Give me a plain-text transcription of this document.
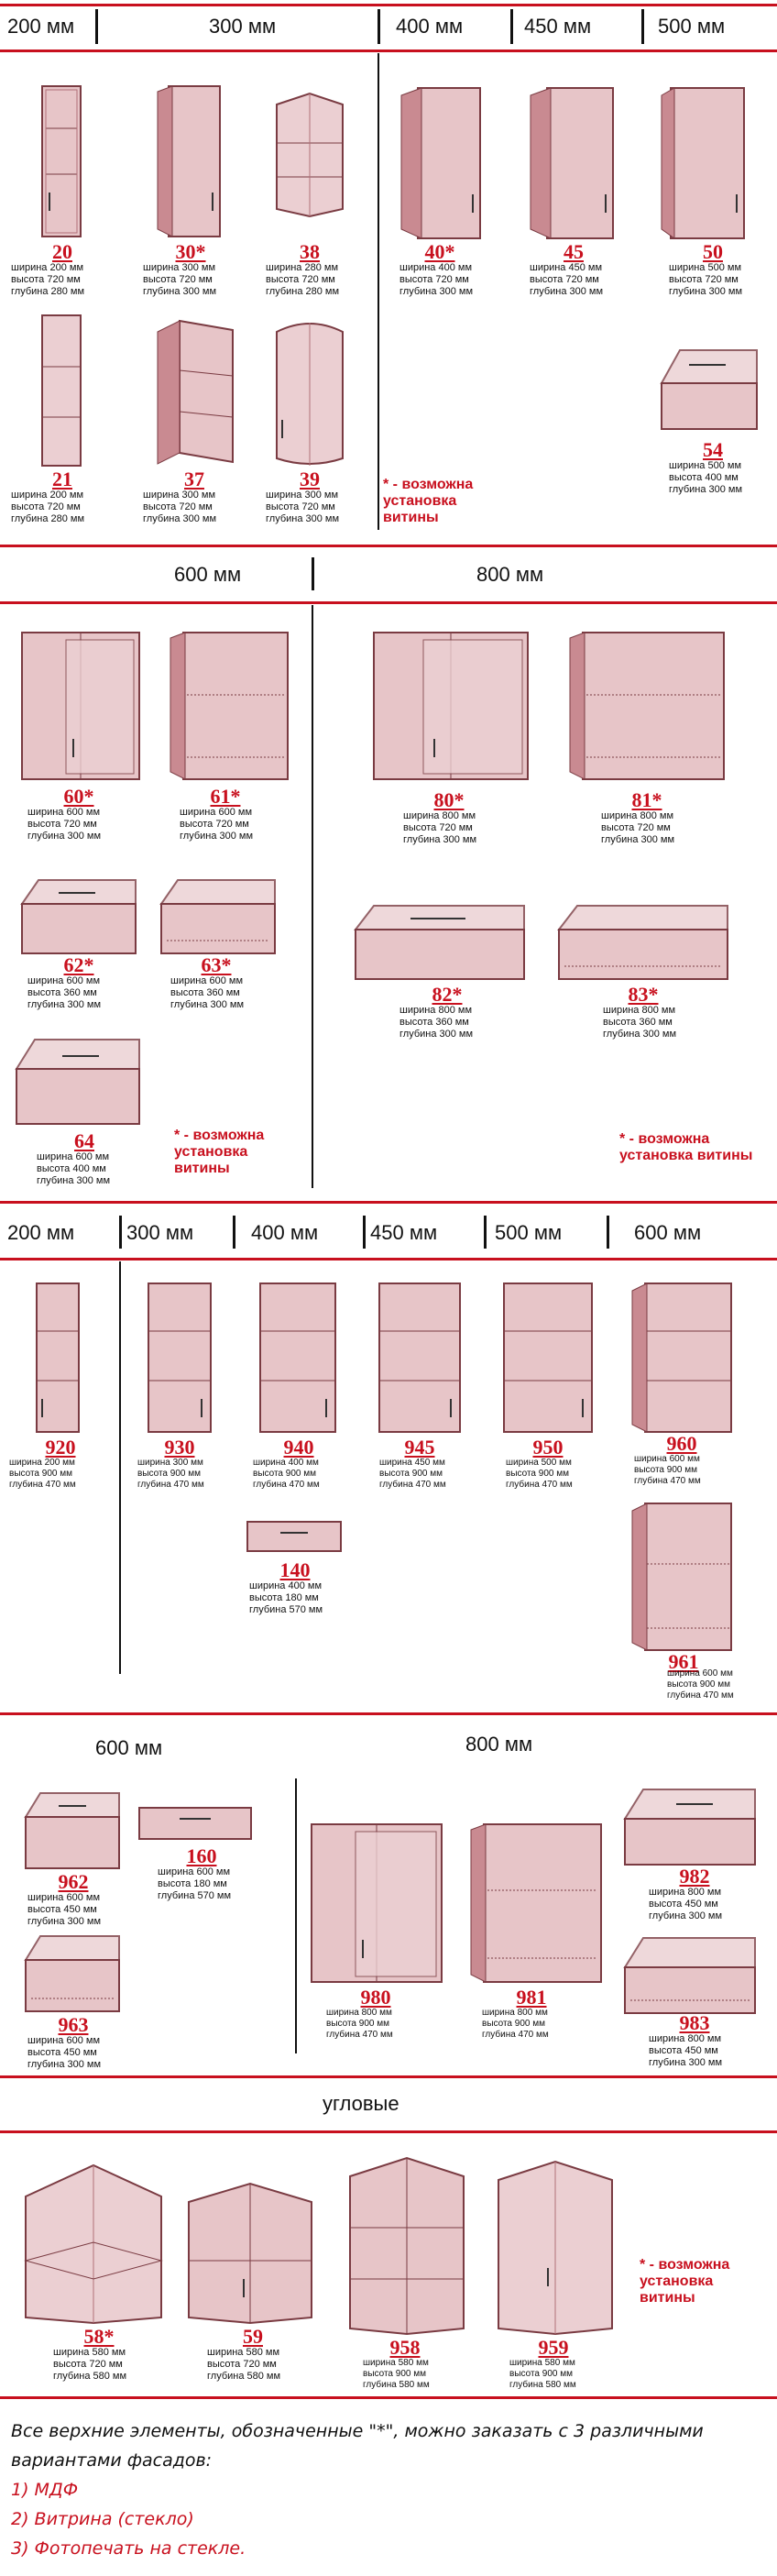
200 мм	300 мм	400 мм	450 мм	500 мм
20
ширина 200 мм
высота 720 мм
глубина 280 мм
30*
ширина 300 мм
высота 720 мм
глубина 300 мм
38
ширина 280 мм
высота 720 мм
глубина 280 мм
40*
ширина 400 мм
высота 720 мм
глубина 300 мм
45
ширина 450 мм
высота 720 мм
глубина 300 мм
50
ширина 500 мм
высота 720 мм
глубина 300 мм
21
ширина 200 мм
высота 720 мм
глубина 280 мм
37
ширина 300 мм
высота 720 мм
глубина 300 мм
39
ширина 300 мм
высота 720 мм
глубина 300 мм
* - возможна установка витины
54
ширина 500 мм
высота 400 мм
глубина 300 мм
600 мм	800 мм
60*
ширина 600 мм
высота 720 мм
глубина 300 мм
61*
ширина 600 мм
высота 720 мм
глубина 300 мм
80*
ширина 800 мм
высота 720 мм
глубина 300 мм
81*
ширина 800 мм
высота 720 мм
глубина 300 мм
62*
ширина 600 мм
высота 360 мм
глубина 300 мм
63*
ширина 600 мм
высота 360 мм
глубина 300 мм	82*
ширина 800 мм
высота 360 мм
глубина 300 мм
83*
ширина 800 мм
высота 360 мм
глубина 300 мм
64
ширина 600 мм
высота 400 мм
глубина 300 мм
* - возможна установка витины
* - возможна установка витины
200 мм	300 мм	400 мм	450 мм	500 мм	600 мм
920
ширина 200 мм
высота 900 мм
глубина 470 мм
930
ширина 300 мм
высота 900 мм
глубина 470 мм
940
ширина 400 мм
высота 900 мм
глубина 470 мм
140
ширина 400 мм
высота 180 мм
глубина 570 мм
945
ширина 450 мм
высота 900 мм
глубина 470 мм
950
ширина 500 мм
высота 900 мм
глубина 470 мм
960
ширина 600 мм
высота 900 мм
глубина 470 мм
961
ширина 600 мм
высота 900 мм
глубина 470 мм
600 мм	800 мм
962
ширина 600 мм
высота 450 мм
глубина 300 мм
160
ширина 600 мм
высота 180 мм
глубина 570 мм
963
ширина 600 мм
высота 450 мм
глубина 300 мм
980
ширина 800 мм
высота 900 мм
глубина 470 мм
981
ширина 800 мм
высота 900 мм
глубина 470 мм
982
ширина 800 мм
высота 450 мм
глубина 300 мм
983
ширина 800 мм
высота 450 мм
глубина 300 мм
угловые
58*
ширина 580 мм
высота 720 мм
глубина 580 мм
59
ширина 580 мм
высота 720 мм
глубина 580 мм
958
ширина 580 мм
высота 900 мм
глубина 580 мм
959
ширина 580 мм
высота 900 мм
глубина 580 мм
* - возможна установка витины
Все верхние элементы, обозначенные "*", можно заказать с 3 различными вариантами фасадов:
1) МДФ
2) Витрина (стекло)
3) Фотопечать на стекле.
